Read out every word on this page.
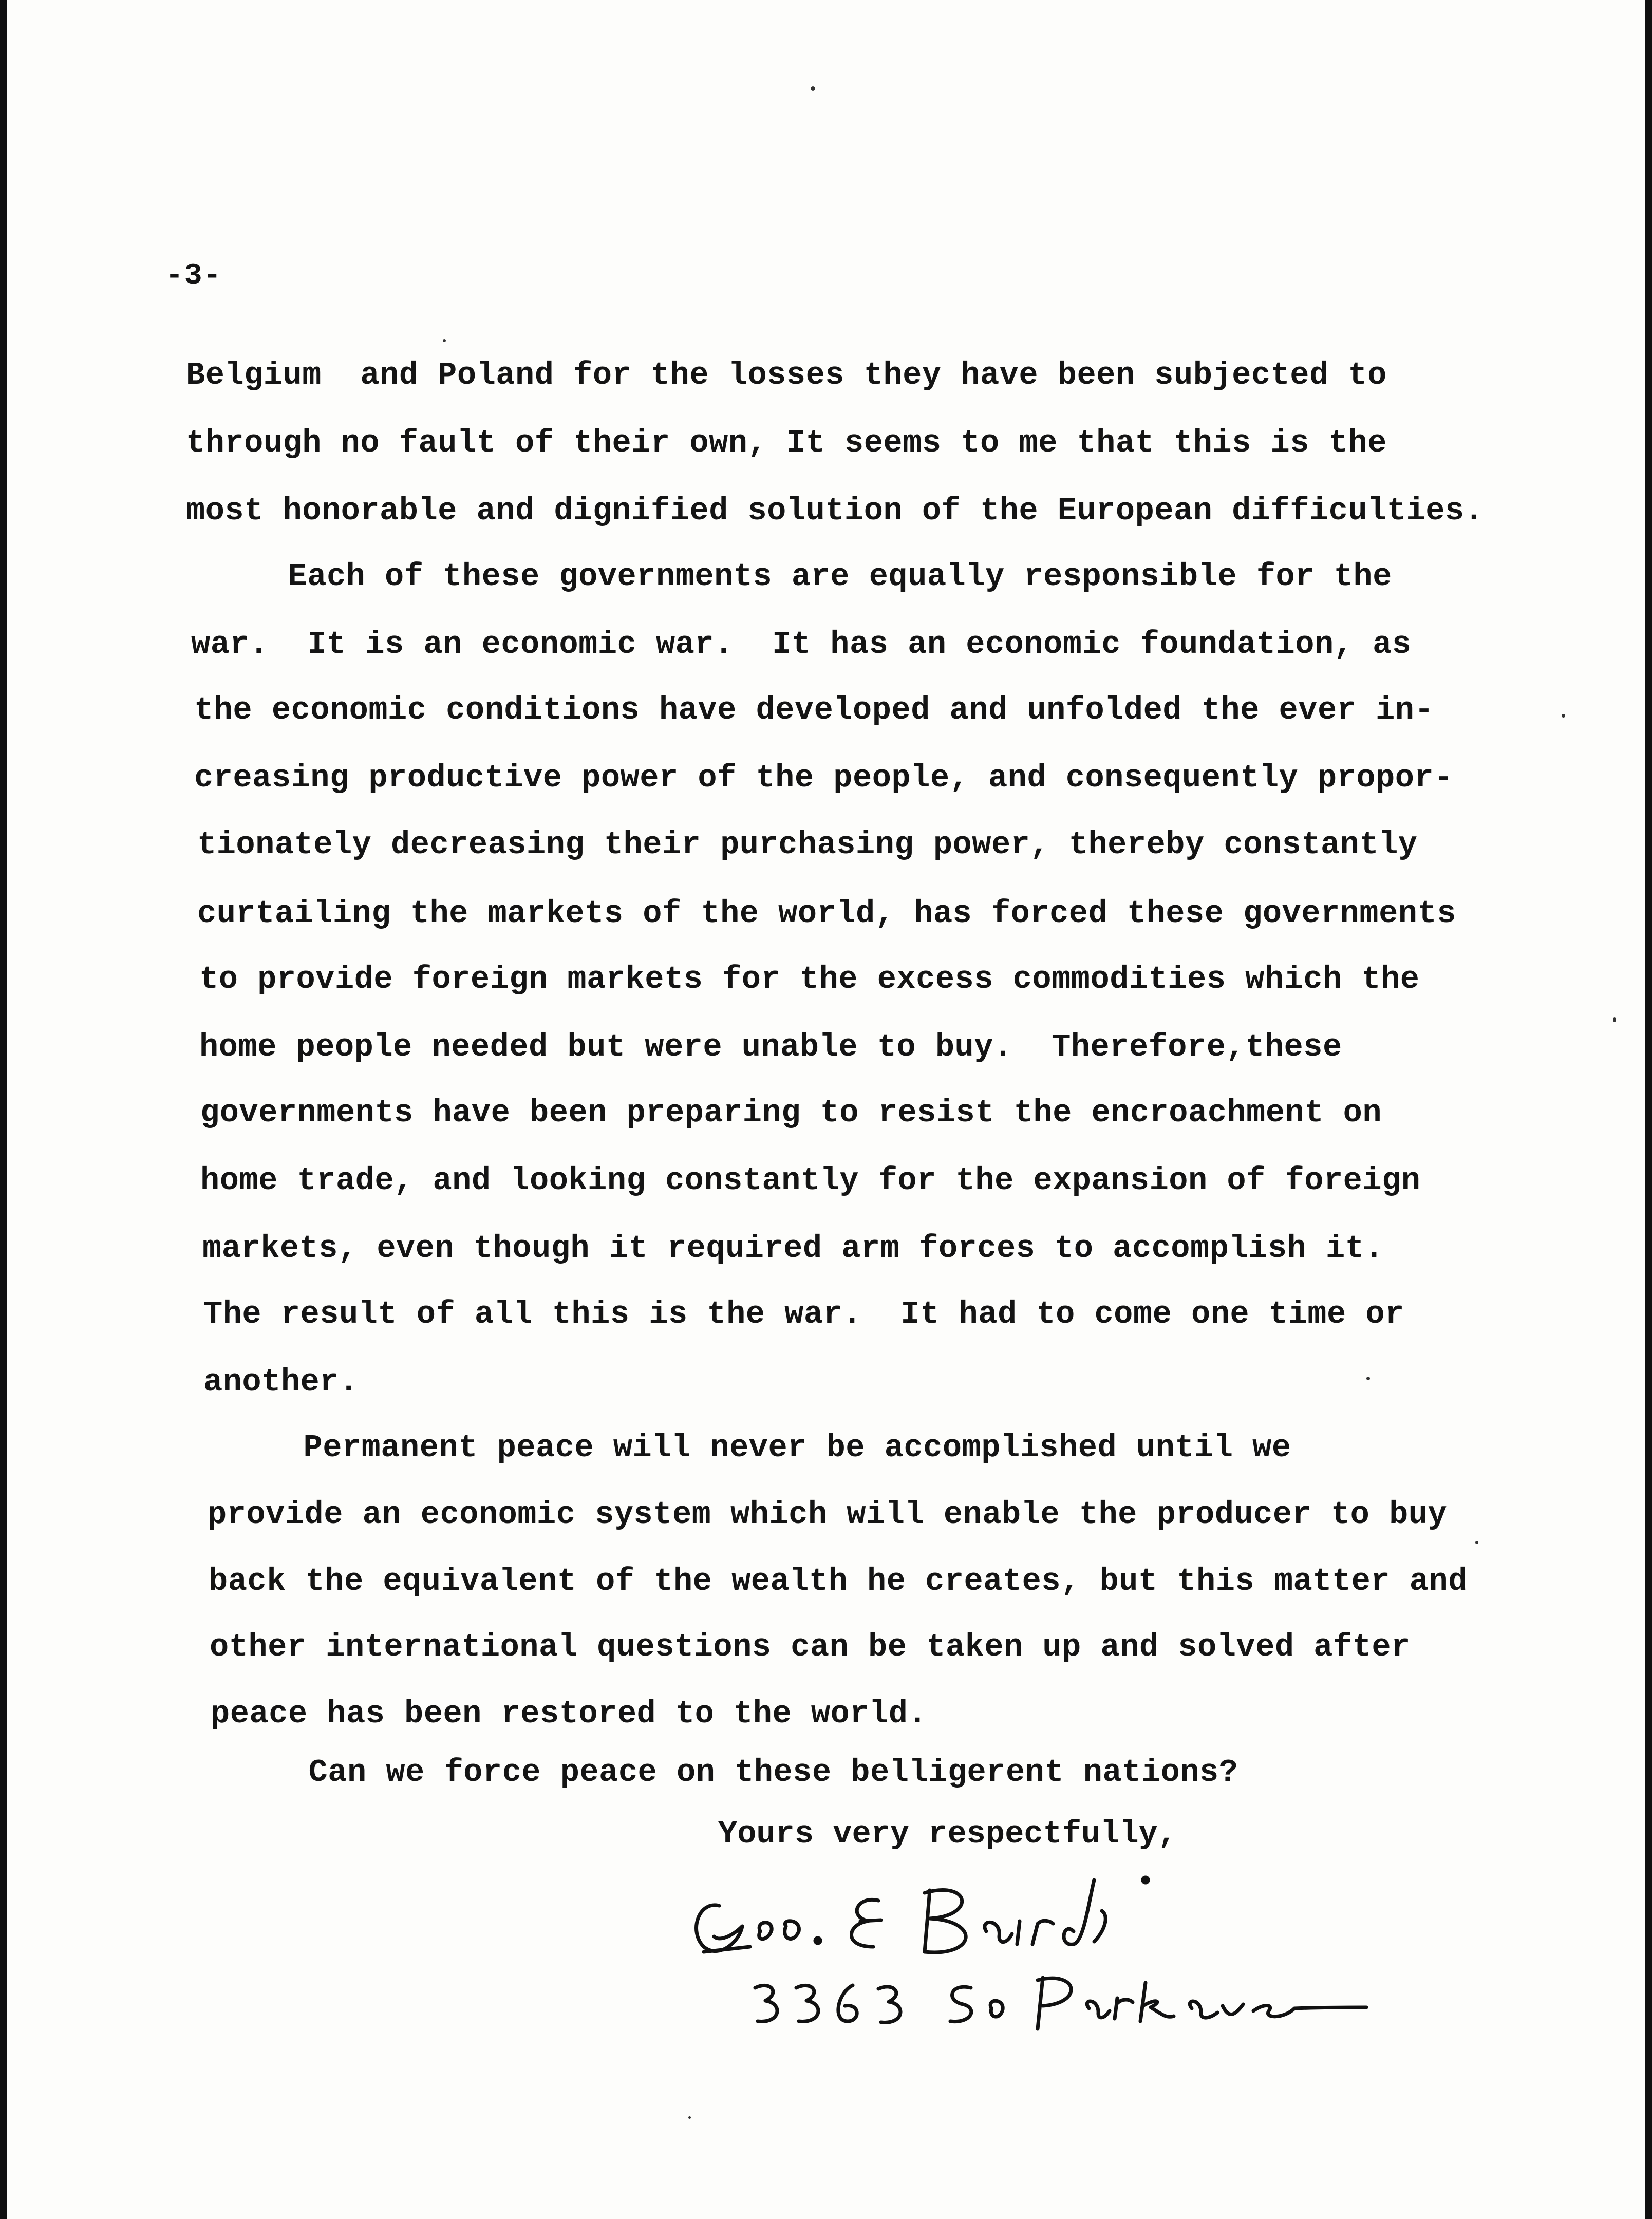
-3-
Belgium  and Poland for the losses they have been subjected to
through no fault of their own, It seems to me that this is the
most honorable and dignified solution of the European difficulties.
Each of these governments are equally responsible for the
war.  It is an economic war.  It has an economic foundation, as
the economic conditions have developed and unfolded the ever in-
creasing productive power of the people, and consequently propor-
tionately decreasing their purchasing power, thereby constantly
curtailing the markets of the world, has forced these governments
to provide foreign markets for the excess commodities which the
home people needed but were unable to buy.  Therefore,these
governments have been preparing to resist the encroachment on
home trade, and looking constantly for the expansion of foreign
markets, even though it required arm forces to accomplish it.
The result of all this is the war.  It had to come one time or
another.
Permanent peace will never be accomplished until we
provide an economic system which will enable the producer to buy
back the equivalent of the wealth he creates, but this matter and
other international questions can be taken up and solved after
peace has been restored to the world.
Can we force peace on these belligerent nations?
Yours very respectfully,
